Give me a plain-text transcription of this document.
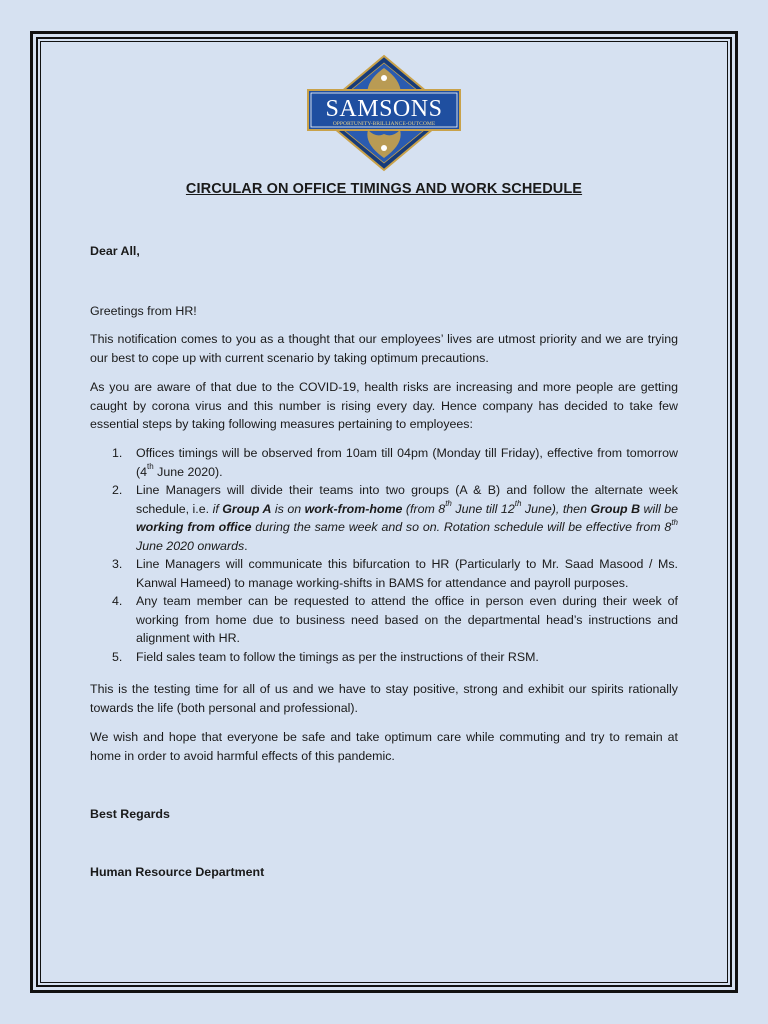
SAMSONS
OPPORTUNITY-BRILLIANCE-OUTCOME
CIRCULAR ON OFFICE TIMINGS AND WORK SCHEDULE
Dear All,
Greetings from HR!
This notification comes to you as a thought that our employees’ lives are utmost priority and we are trying our best to cope up with current scenario by taking optimum precautions.
As you are aware of that due to the COVID-19, health risks are increasing and more people are getting caught by corona virus and this number is rising every day. Hence company has decided to take few essential steps by taking following measures pertaining to employees:
1. Offices timings will be observed from 10am till 04pm (Monday till Friday), effective from tomorrow (4th June 2020).
2. Line Managers will divide their teams into two groups (A & B) and follow the alternate week schedule, i.e. if Group A is on work-from-home (from 8th June till 12th June), then Group B will be working from office during the same week and so on. Rotation schedule will be effective from 8th June 2020 onwards.
3. Line Managers will communicate this bifurcation to HR (Particularly to Mr. Saad Masood / Ms. Kanwal Hameed) to manage working-shifts in BAMS for attendance and payroll purposes.
4. Any team member can be requested to attend the office in person even during their week of working from home due to business need based on the departmental head’s instructions and alignment with HR.
5. Field sales team to follow the timings as per the instructions of their RSM.
This is the testing time for all of us and we have to stay positive, strong and exhibit our spirits rationally towards the life (both personal and professional).
We wish and hope that everyone be safe and take optimum care while commuting and try to remain at home in order to avoid harmful effects of this pandemic.
Best Regards
Human Resource Department
